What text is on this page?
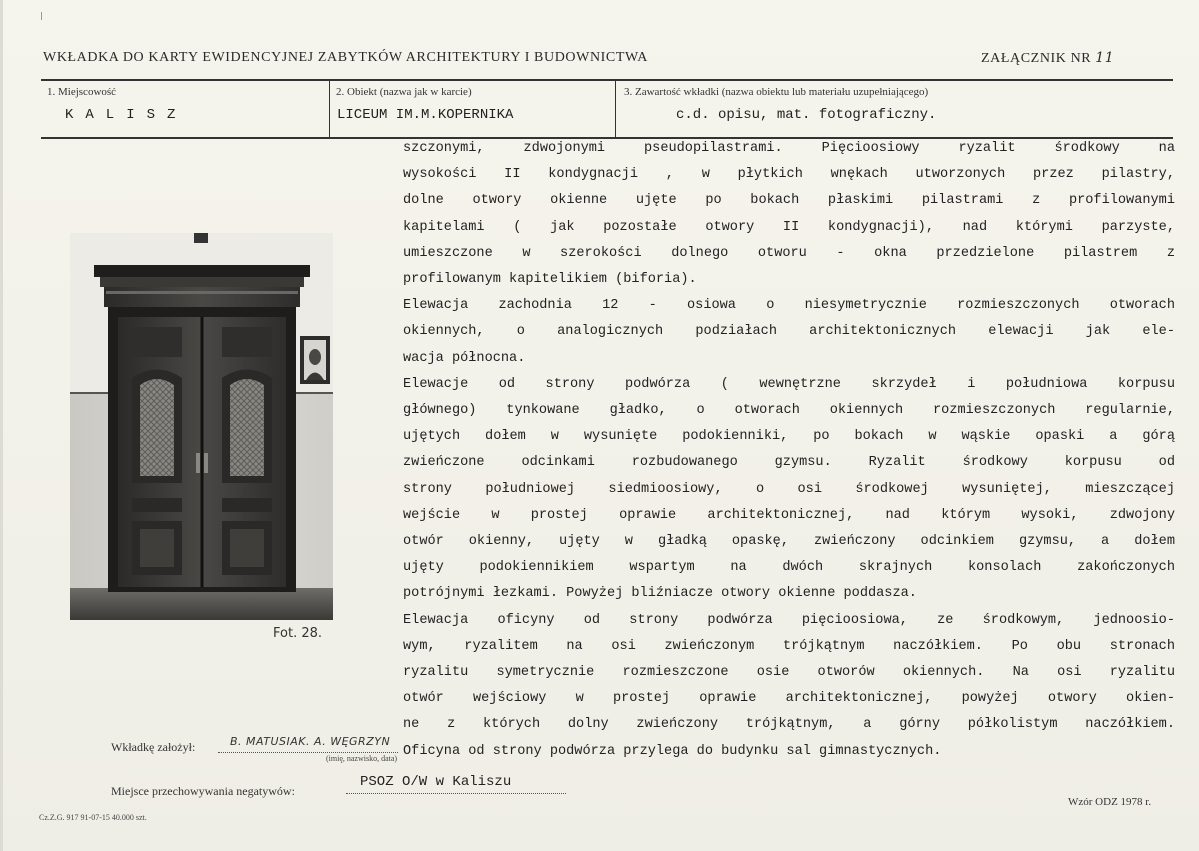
WKŁADKA DO KARTY EWIDENCYJNEJ ZABYTKÓW ARCHITEKTURY I BUDOWNICTWA	ZAŁĄCZNIK NR 11
1. Miejscowość
KALISZ
2. Obiekt (nazwa jak w karcie)
LICEUM IM.M.KOPERNIKA
3. Zawartość wkładki (nazwa obiektu lub materiału uzupełniającego)
c.d. opisu, mat. fotograficzny.
Fot. 28.
szczonymi, zdwojonymi pseudopilastrami. Pięcioosiowy ryzalit środkowy na
wysokości II kondygnacji , w płytkich wnękach utworzonych przez pilastry,
dolne otwory okienne ujęte po bokach płaskimi pilastrami z profilowanymi
kapitelami ( jak pozostałe otwory II kondygnacji), nad którymi parzyste,
umieszczone w szerokości dolnego otworu - okna przedzielone pilastrem z
profilowanym kapitelikiem (biforia).
Elewacja zachodnia 12 - osiowa o niesymetrycznie rozmieszczonych otworach
okiennych, o analogicznych podziałach architektonicznych elewacji jak ele-
wacja północna.
Elewacje od strony podwórza ( wewnętrzne skrzydeł i południowa korpusu
głównego) tynkowane gładko, o otworach okiennych rozmieszczonych regularnie,
ujętych dołem w wysunięte podokienniki, po bokach w wąskie opaski a górą
zwieńczone odcinkami rozbudowanego gzymsu. Ryzalit środkowy korpusu od
strony południowej siedmioosiowy, o osi środkowej wysuniętej, mieszczącej
wejście w prostej oprawie architektonicznej, nad którym wysoki, zdwojony
otwór okienny, ujęty w gładką opaskę, zwieńczony odcinkiem gzymsu, a dołem
ujęty podokiennikiem wspartym na dwóch skrajnych konsolach zakończonych
potrójnymi łezkami. Powyżej bliźniacze otwory okienne poddasza.
Elewacja oficyny od strony podwórza pięcioosiowa, ze środkowym, jednoosio-
wym, ryzalitem na osi zwieńczonym trójkątnym naczółkiem. Po obu stronach
ryzalitu symetrycznie rozmieszczone osie otworów okiennych. Na osi ryzalitu
otwór wejściowy w prostej oprawie architektonicznej, powyżej otwory okien-
ne z których dolny zwieńczony trójkątnym, a górny półkolistym naczółkiem.
Oficyna od strony podwórza przylega do budynku sal gimnastycznych.
Wkładkę założył:	B. MATUSIAK. A. WĘGRZYN
(imię, nazwisko, data)
Miejsce przechowywania negatywów:
PSOZ O/W w Kaliszu
Wzór ODZ 1978 r.
Cz.Z.G. 917 91-07-15 40.000 szt.
